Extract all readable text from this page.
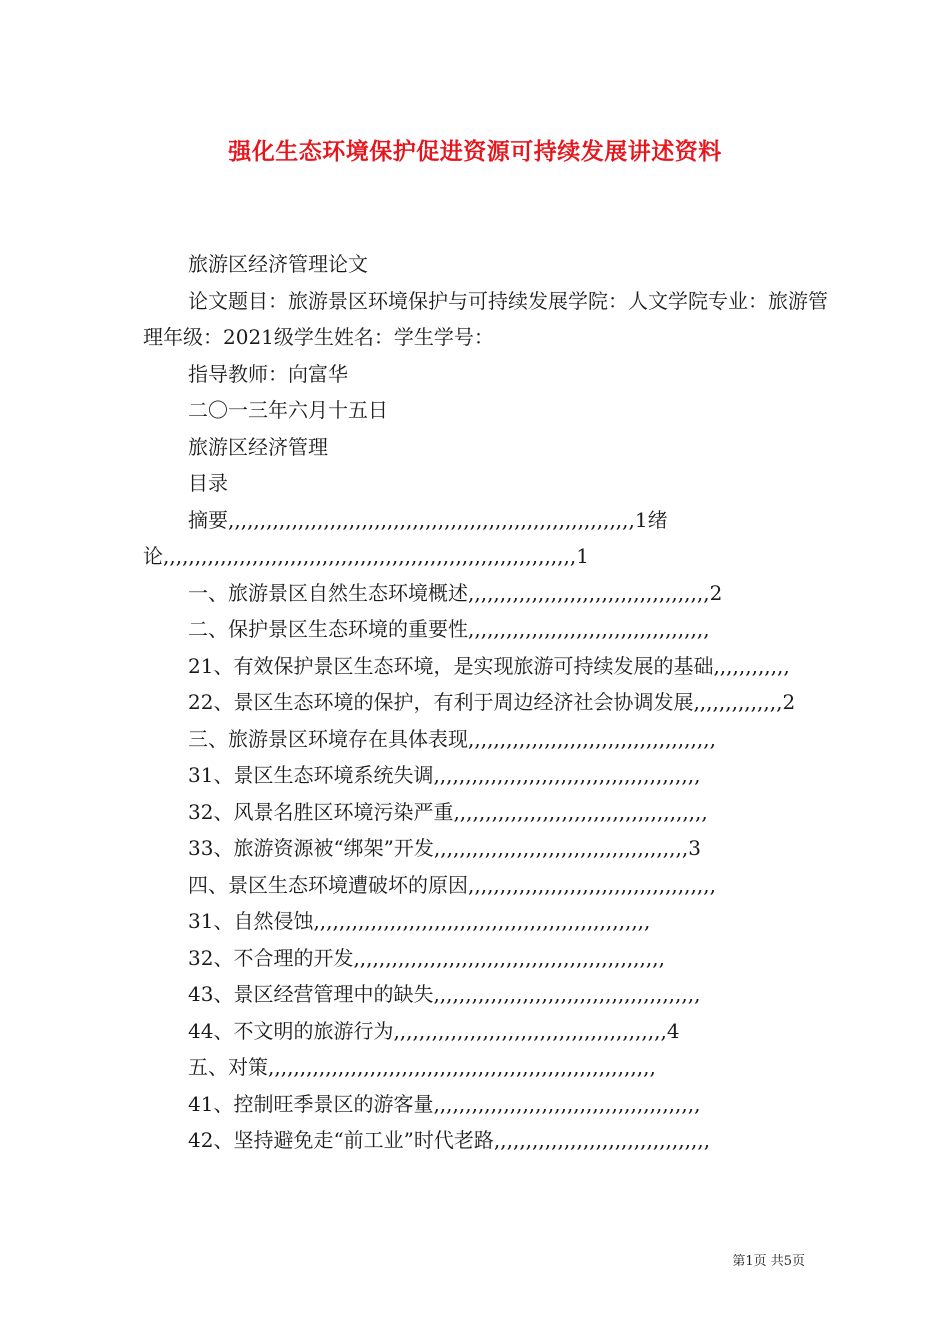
强化生态环境保护促进资源可持续发展讲述资料

旅游区经济管理论文

论文题目：旅游景区环境保护与可持续发展学院：人文学院专业：旅游管理年级：2021级学生姓名：学生学号：

指导教师：向富华

二〇一三年六月十五日

旅游区经济管理

目录

摘要,,,,,,,,,,,,,,,,,,,,,,,,,,,,,,,,,,,,,,,,,,,,,,,,,,,,,,,,,,,,,,,,1绪论,,,,,,,,,,,,,,,,,,,,,,,,,,,,,,,,,,,,,,,,,,,,,,,,,,,,,,,,,,,,,,,,,1

一、旅游景区自然生态环境概述,,,,,,,,,,,,,,,,,,,,,,,,,,,,,,,,,,,,,,2

二、保护景区生态环境的重要性,,,,,,,,,,,,,,,,,,,,,,,,,,,,,,,,,,,,,,

21、有效保护景区生态环境，是实现旅游可持续发展的基础,,,,,,,,,,,,

22、景区生态环境的保护，有利于周边经济社会协调发展,,,,,,,,,,,,,,2

三、旅游景区环境存在具体表现,,,,,,,,,,,,,,,,,,,,,,,,,,,,,,,,,,,,,,,

31、景区生态环境系统失调,,,,,,,,,,,,,,,,,,,,,,,,,,,,,,,,,,,,,,,,,,

32、风景名胜区环境污染严重,,,,,,,,,,,,,,,,,,,,,,,,,,,,,,,,,,,,,,,,

33、旅游资源被“绑架”开发,,,,,,,,,,,,,,,,,,,,,,,,,,,,,,,,,,,,,,,,3

四、景区生态环境遭破坏的原因,,,,,,,,,,,,,,,,,,,,,,,,,,,,,,,,,,,,,,,

31、自然侵蚀,,,,,,,,,,,,,,,,,,,,,,,,,,,,,,,,,,,,,,,,,,,,,,,,,,,,,

32、不合理的开发,,,,,,,,,,,,,,,,,,,,,,,,,,,,,,,,,,,,,,,,,,,,,,,,,

43、景区经营管理中的缺失,,,,,,,,,,,,,,,,,,,,,,,,,,,,,,,,,,,,,,,,,,

44、不文明的旅游行为,,,,,,,,,,,,,,,,,,,,,,,,,,,,,,,,,,,,,,,,,,,4

五、对策,,,,,,,,,,,,,,,,,,,,,,,,,,,,,,,,,,,,,,,,,,,,,,,,,,,,,,,,,,,,,

41、控制旺季景区的游客量,,,,,,,,,,,,,,,,,,,,,,,,,,,,,,,,,,,,,,,,,,

42、坚持避免走“前工业”时代老路,,,,,,,,,,,,,,,,,,,,,,,,,,,,,,,,,,

第1页 共5页
